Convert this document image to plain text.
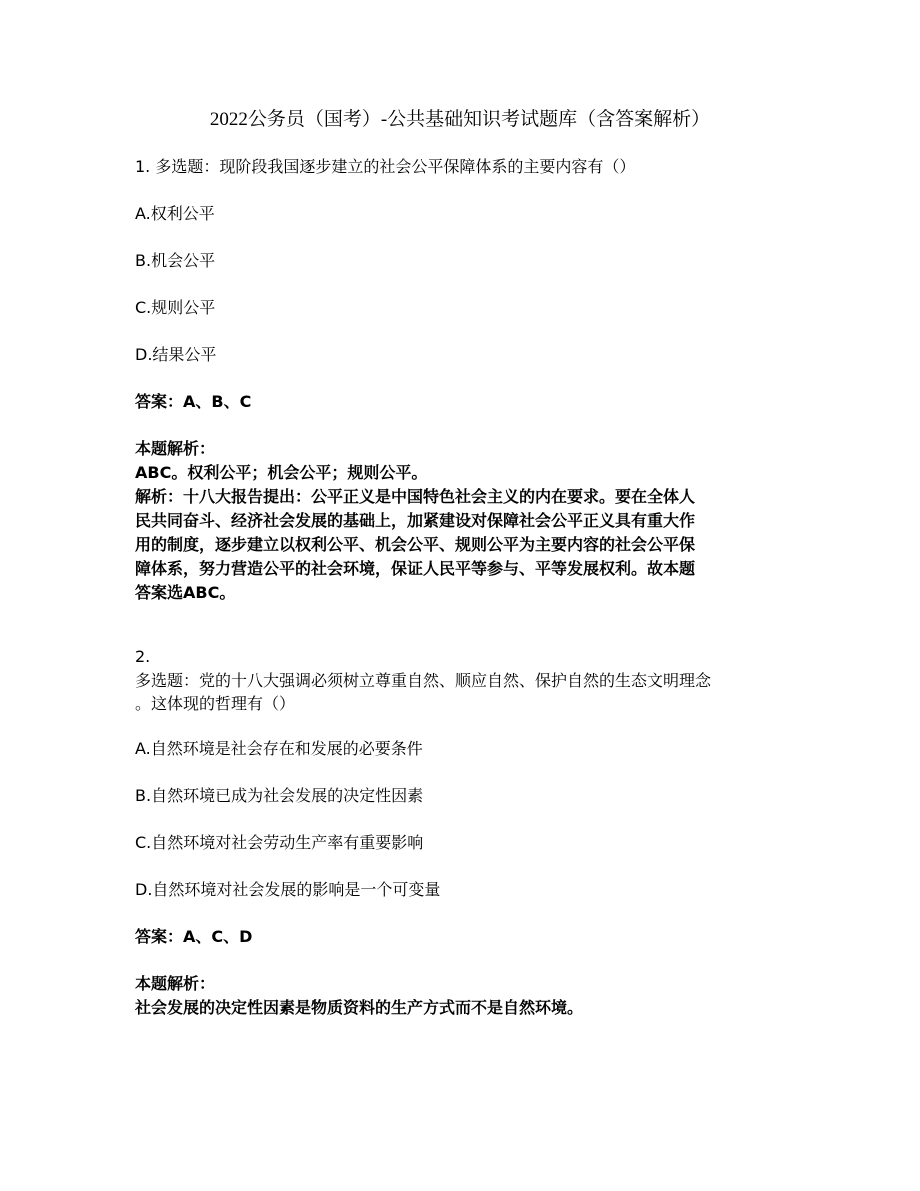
2022公务员（国考）-公共基础知识考试题库（含答案解析）
1. 多选题：现阶段我国逐步建立的社会公平保障体系的主要内容有（）
A.权利公平
B.机会公平
C.规则公平
D.结果公平
答案：A、B、C
本题解析：
ABC。权利公平；机会公平；规则公平。
解析：十八大报告提出：公平正义是中国特色社会主义的内在要求。要在全体人
民共同奋斗、经济社会发展的基础上，加紧建设对保障社会公平正义具有重大作
用的制度，逐步建立以权利公平、机会公平、规则公平为主要内容的社会公平保
障体系，努力营造公平的社会环境，保证人民平等参与、平等发展权利。故本题
答案选ABC。
2.
多选题：党的十八大强调必须树立尊重自然、顺应自然、保护自然的生态文明理念
。这体现的哲理有（）
A.自然环境是社会存在和发展的必要条件
B.自然环境已成为社会发展的决定性因素
C.自然环境对社会劳动生产率有重要影响
D.自然环境对社会发展的影响是一个可变量
答案：A、C、D
本题解析：
社会发展的决定性因素是物质资料的生产方式而不是自然环境。
